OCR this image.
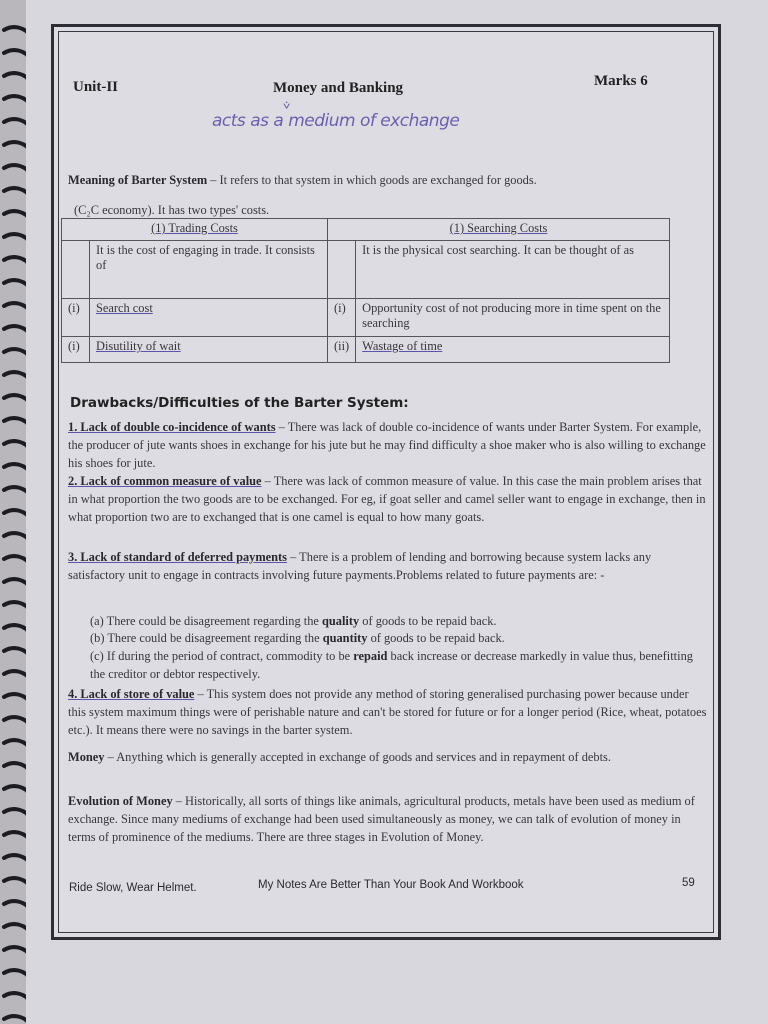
Unit-II	Money and Banking	Marks 6
⩒
acts as a medium of exchange
Meaning of Barter System – It refers to that system in which goods are exchanged for goods.
(C₂C economy). It has two types' costs.
(1) Trading Costs		(1) Searching Costs	
	It is the cost of engaging in trade. It consists of		It is the physical cost searching. It can be thought of as
(i)	Search cost	(i)	Opportunity cost of not producing more in time spent on the searching
(i)	Disutility of wait	(ii)	Wastage of time
Drawbacks/Difficulties of the Barter System:
1. Lack of double co-incidence of wants – There was lack of double co-incidence of wants under Barter System. For example, the producer of jute wants shoes in exchange for his jute but he may find difficulty a shoe maker who is also willing to exchange his shoes for jute.
2. Lack of common measure of value – There was lack of common measure of value. In this case the main problem arises that in what proportion the two goods are to be exchanged. For eg, if goat seller and camel seller want to engage in exchange, then in what proportion two are to exchanged that is one camel is equal to how many goats.
3. Lack of standard of deferred payments – There is a problem of lending and borrowing because system lacks any satisfactory unit to engage in contracts involving future payments.Problems related to future payments are: -
(a) There could be disagreement regarding the quality of goods to be repaid back.
(b) There could be disagreement regarding the quantity of goods to be repaid back.
(c) If during the period of contract, commodity to be repaid back increase or decrease markedly in value thus, benefitting the creditor or debtor respectively.
4. Lack of store of value – This system does not provide any method of storing generalised purchasing power because under this system maximum things were of perishable nature and can't be stored for future or for a longer period (Rice, wheat, potatoes etc.). It means there were no savings in the barter system.
Money – Anything which is generally accepted in exchange of goods and services and in repayment of debts.
Evolution of Money – Historically, all sorts of things like animals, agricultural products, metals have been used as medium of exchange. Since many mediums of exchange had been used simultaneously as money, we can talk of evolution of money in terms of prominence of the mediums. There are three stages in Evolution of Money.
Ride Slow, Wear Helmet.	My Notes Are Better Than Your Book And Workbook	59
